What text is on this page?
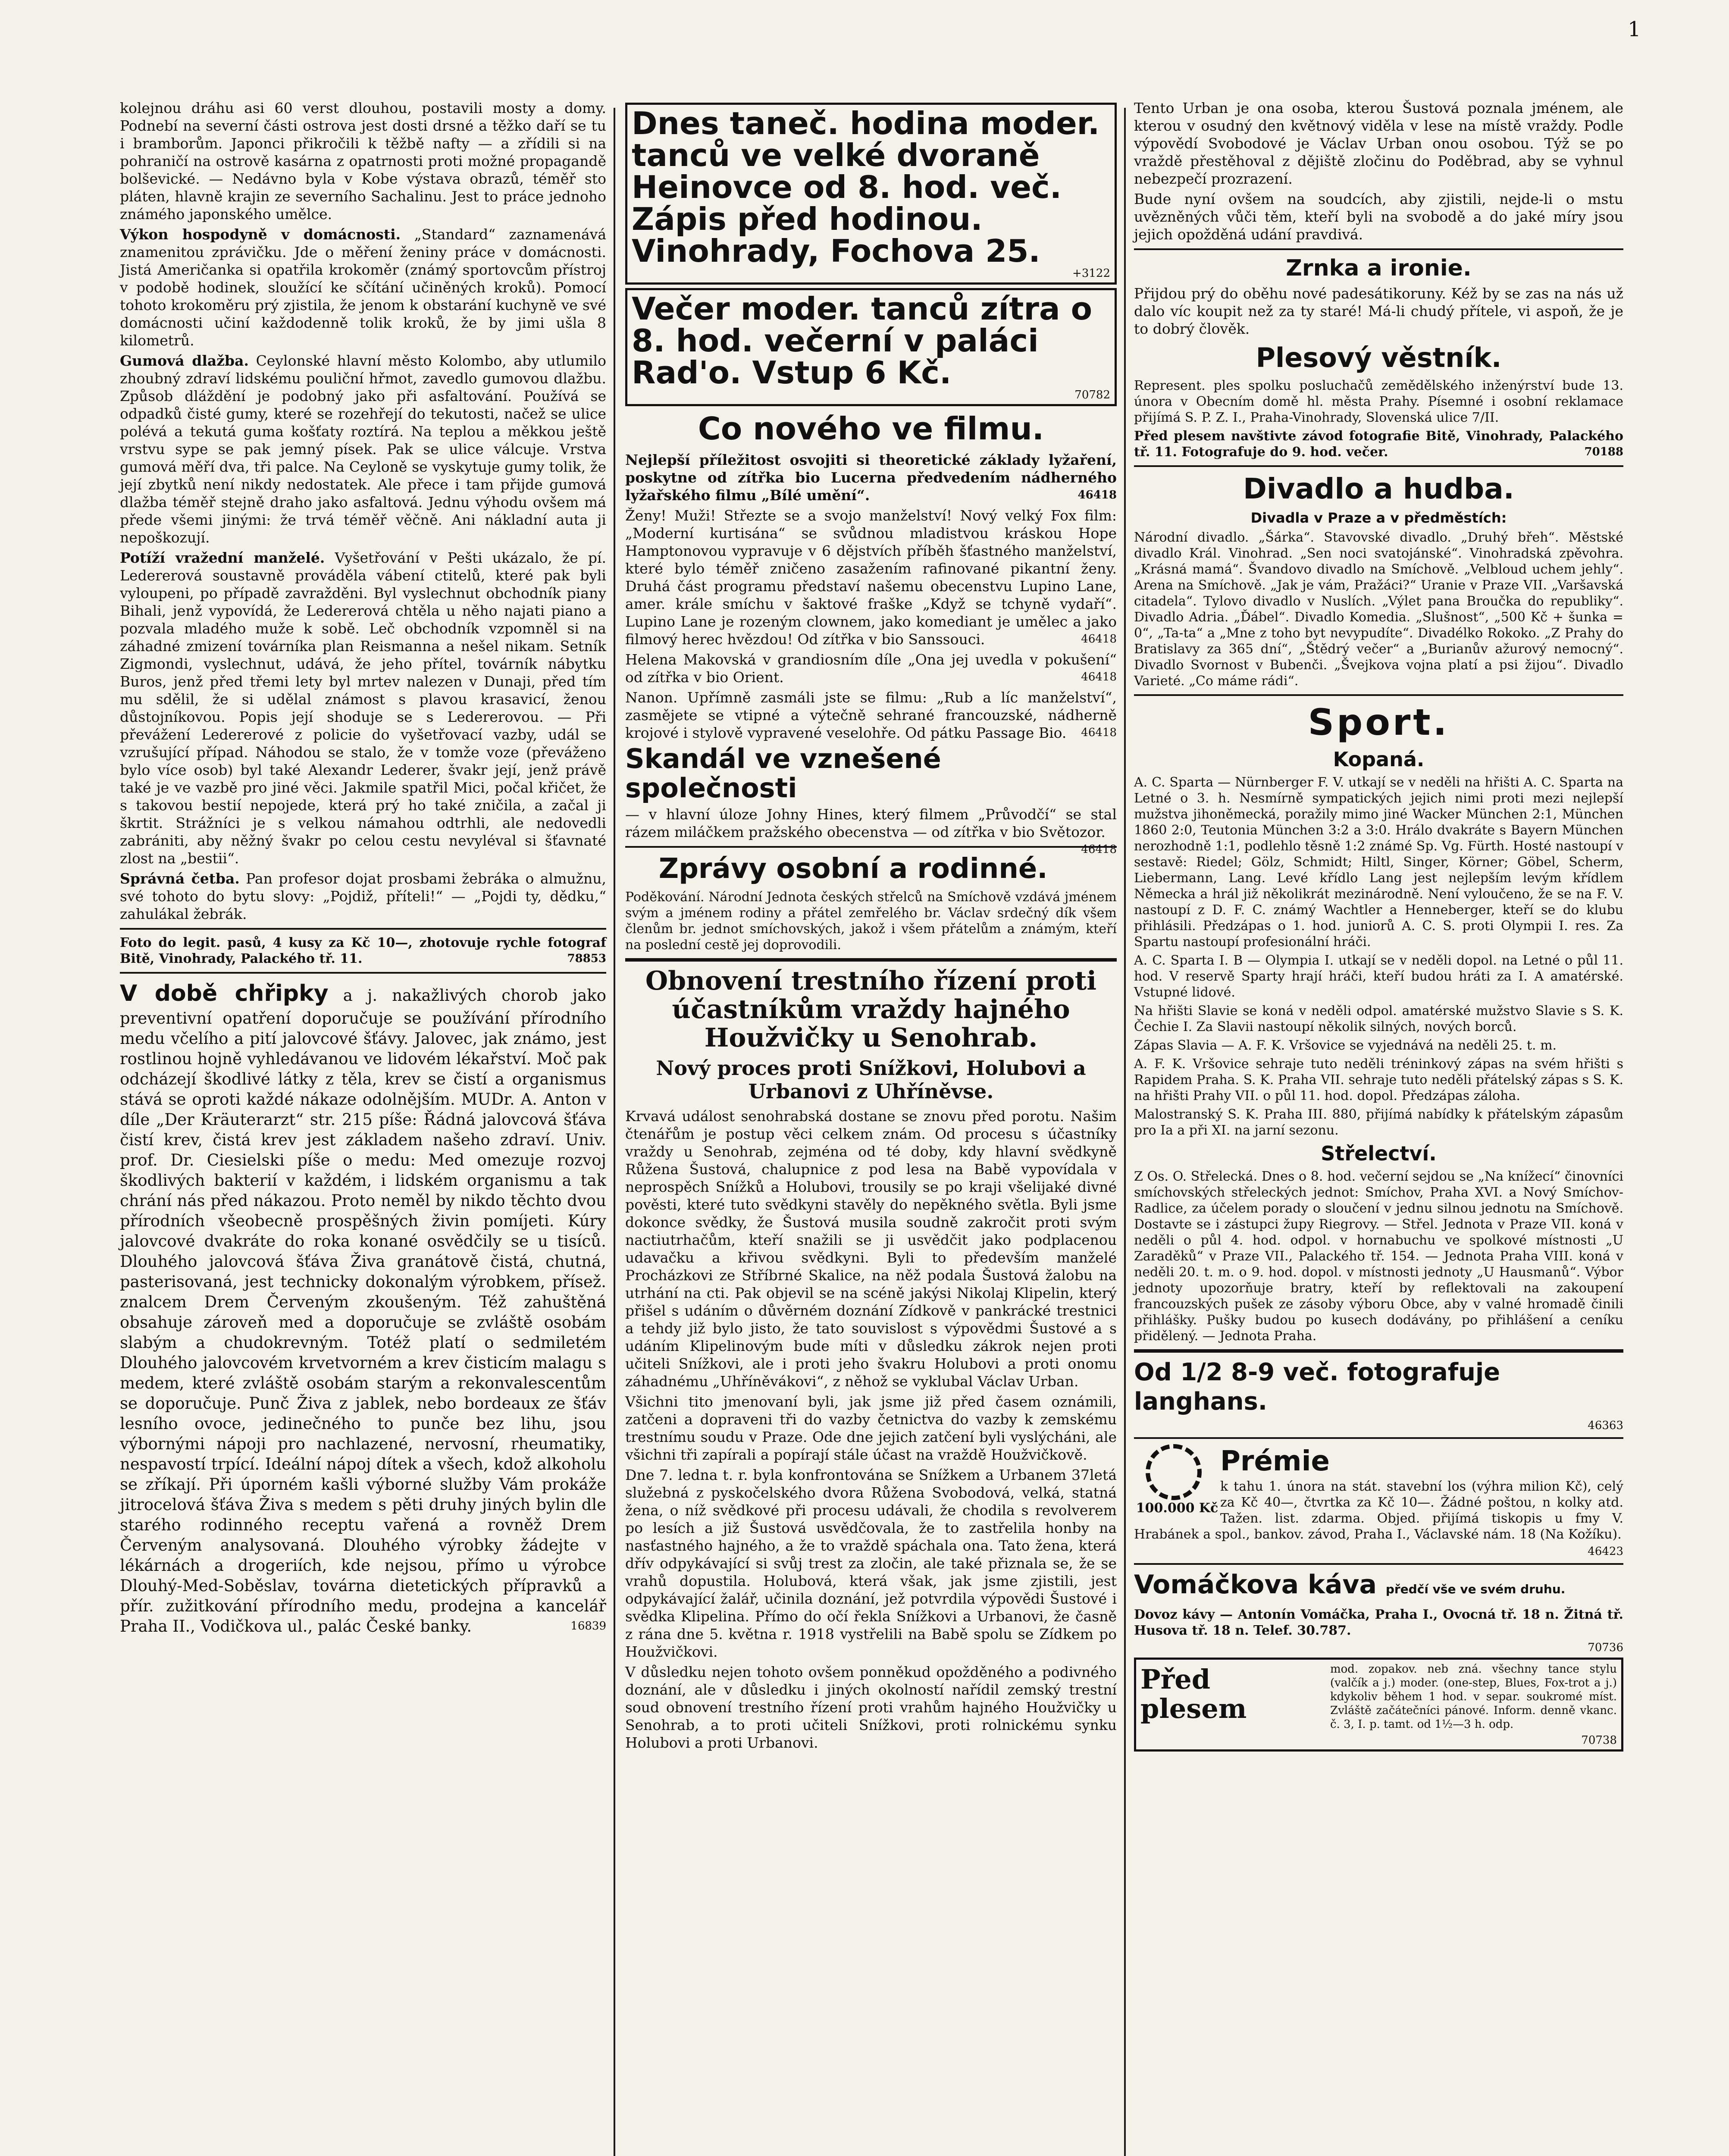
1

kolejnou dráhu asi 60 verst dlouhou, postavili mosty a domy. Podnebí na severní části ostrova jest dosti drsné a těžko daří se tu i bramborům. Japonci přikročili k těžbě nafty — a zřídili si na pohraničí na ostrově kasárna z opatrnosti proti možné propagandě bolševické. — Nedávno byla v Kobe výstava obrazů, téměř sto pláten, hlavně krajin ze severního Sachalinu. Jest to práce jednoho známého japonského umělce.

Výkon hospodyně v domácnosti. „Standard“ zaznamenává znamenitou zprávičku. Jde o měření ženiny práce v domácnosti. Jistá Američanka si opatřila krokoměr (známý sportovcům přístroj v podobě hodinek, sloužící ke sčítání učiněných kroků). Pomocí tohoto krokoměru prý zjistila, že jenom k obstarání kuchyně ve své domácnosti učiní každodenně tolik kroků, že by jimi ušla 8 kilometrů.

Gumová dlažba. Ceylonské hlavní město Kolombo, aby utlumilo zhoubný zdraví lidskému pouliční hřmot, zavedlo gumovou dlažbu. Způsob dláždění je podobný jako při asfaltování. Používá se odpadků čisté gumy, které se rozehřejí do tekutosti, načež se ulice polévá a tekutá guma košťaty roztírá. Na teplou a měkkou ještě vrstvu sype se pak jemný písek. Pak se ulice válcuje. Vrstva gumová měří dva, tři palce. Na Ceyloně se vyskytuje gumy tolik, že její zbytků není nikdy nedostatek. Ale přece i tam přijde gumová dlažba téměř stejně draho jako asfaltová. Jednu výhodu ovšem má přede všemi jinými: že trvá téměř věčně. Ani nákladní auta ji nepoškozují.

Potíží vražední manželé. Vyšetřování v Pešti ukázalo, že pí. Ledererová soustavně prováděla vábení ctitelů, které pak byli vyloupeni, po případě zavražděni. Byl vyslechnut obchodník piany Bihali, jenž vypovídá, že Ledererová chtěla u něho najati piano a pozvala mladého muže k sobě. Leč obchodník vzpomněl si na záhadné zmizení továrníka plan Reismanna a nešel nikam. Setník Zigmondi, vyslechnut, udává, že jeho přítel, továrník nábytku Buros, jenž před třemi lety byl mrtev nalezen v Dunaji, před tím mu sdělil, že si udělal známost s plavou krasavicí, ženou důstojníkovou. Popis její shoduje se s Ledererovou. — Při převážení Ledererové z policie do vyšetřovací vazby, udál se vzrušující případ. Náhodou se stalo, že v tomže voze (převáženo bylo více osob) byl také Alexandr Lederer, švakr její, jenž právě také je ve vazbě pro jiné věci. Jakmile spatřil Mici, počal křičet, že s takovou bestií nepojede, která prý ho také zničila, a začal ji škrtit. Strážníci je s velkou námahou odtrhli, ale nedovedli zabrániti, aby něžný švakr po celou cestu nevyléval si šťavnaté zlost na „bestii“.

Správná četba. Pan profesor dojat prosbami žebráka o almužnu, své tohoto do bytu slovy: „Pojdiž, příteli!“ — „Pojdi ty, dědku,“ zahulákal žebrák.

Foto do legit. pasů, 4 kusy za Kč 10—, zhotovuje rychle fotograf Bitě, Vinohrady, Palackého tř. 11.	78853

V době chřipky a j. nakažlivých chorob jako preventivní opatření doporučuje se používání přírodního medu včelího a pití jalovcové šťávy. Jalovec, jak známo, jest rostlinou hojně vyhledávanou ve lidovém lékařství. Moč pak odcházejí škodlivé látky z těla, krev se čistí a organismus stává se oproti každé nákaze odolnějším. MUDr. A. Anton v díle „Der Kräuterarzt“ str. 215 píše: Řádná jalovcová šťáva čistí krev, čistá krev jest základem našeho zdraví. Univ. prof. Dr. Ciesielski píše o medu: Med omezuje rozvoj škodlivých bakterií v každém, i lidském organismu a tak chrání nás před nákazou. Proto neměl by nikdo těchto dvou přírodních všeobecně prospěšných živin pomíjeti. Kúry jalovcové dvakráte do roka konané osvědčily se u tisíců. Dlouhého jalovcová šťáva Živa granátově čistá, chutná, pasterisovaná, jest technicky dokonalým výrobkem, přísež. znalcem Drem Červeným zkoušeným. Též zahuštěná obsahuje zároveň med a doporučuje se zvláště osobám slabým a chudokrevným. Totéž platí o sedmiletém Dlouhého jalovcovém krvetvorném a krev čisticím malagu s medem, které zvláště osobám starým a rekonvalescentům se doporučuje. Punč Živa z jablek, nebo bordeaux ze šťáv lesního ovoce, jedinečného to punče bez lihu, jsou výbornými nápoji pro nachlazené, nervosní, rheumatiky, nespavostí trpící. Ideální nápoj dítek a všech, kdož alkoholu se zříkají. Při úporném kašli výborné služby Vám prokáže jitrocelová šťáva Živa s medem s pěti druhy jiných bylin dle starého rodinného receptu vařená a rovněž Drem Červeným analysovaná. Dlouhého výrobky žádejte v lékárnách a drogeriích, kde nejsou, přímo u výrobce Dlouhý-Med-Soběslav, továrna dietetických přípravků a přír. zužitkování přírodního medu, prodejna a kancelář Praha II., Vodičkova ul., palác České banky.	16839

Dnes taneč. hodina moder. tanců ve velké dvoraně Heinovce od 8. hod. več. Zápis před hodinou. Vinohrady, Fochova 25.
+3122
Večer moder. tanců zítra o 8. hod. večerní v paláci Rad'o. Vstup 6 Kč.
70782
Co nového ve filmu.

Nejlepší příležitost osvojiti si theoretické základy lyžaření, poskytne od zítřka bio Lucerna předvedením nádherného lyžařského filmu „Bílé umění“.	46418

Ženy! Muži! Střezte se a svojo manželství! Nový velký Fox film: „Moderní kurtisána“ se svůdnou mladistvou kráskou Hope Hamptonovou vypravuje v 6 dějstvích příběh šťastného manželství, které bylo téměř zničeno zasažením rafinované pikantní ženy. Druhá část programu představí našemu obecenstvu Lupino Lane, amer. krále smíchu v šaktové fraške „Když se tchyně vydaří“. Lupino Lane je rozeným clownem, jako komediant je umělec a jako filmový herec hvězdou! Od zítřka v bio Sanssouci.	46418

Helena Makovská v grandiosním díle „Ona jej uvedla v pokušení“ od zítřka v bio Orient.	46418

Nanon. Upřímně zasmáli jste se filmu: „Rub a líc manželství“, zasmějete se vtipné a výtečně sehrané francouzské, nádherně krojové i stylově vypravené veselohře. Od pátku Passage Bio. 46418

Skandál ve vznešené společnosti

— v hlavní úloze Johny Hines, který filmem „Průvodčí“ se stal rázem miláčkem pražského obecenstva — od zítřka v bio Světozor.
46418

Zprávy osobní a rodinné.

Poděkování. Národní Jednota českých střelců na Smíchově vzdává jménem svým a jménem rodiny a přátel zemřelého br. Václav srdečný dík všem členům br. jednot smíchovských, jakož i všem přátelům a známým, kteří na poslední cestě jej doprovodili.

Obnovení trestního řízení proti účastníkům vraždy hajného Houžvičky u Senohrab.
Nový proces proti Snížkovi, Holubovi a Urbanovi z Uhříněvse.

Krvavá událost senohrabská dostane se znovu před porotu. Našim čtenářům je postup věci celkem znám. Od procesu s účastníky vraždy u Senohrab, zejména od té doby, kdy hlavní svědkyně Růžena Šustová, chalupnice z pod lesa na Babě vypovídala v neprospěch Snížků a Holubovi, trousily se po kraji všelijaké divné pověsti, které tuto svědkyni stavěly do nepěkného světla. Byli jsme dokonce svědky, že Šustová musila soudně zakročit proti svým nactiutrhačům, kteří snažili se ji usvědčit jako podplacenou udavačku a křivou svědkyni. Byli to především manželé Procházkovi ze Stříbrné Skalice, na něž podala Šustová žalobu na utrhání na cti. Pak objevil se na scéně jakýsi Nikolaj Klipelin, který přišel s udáním o důvěrném doznání Zídkově v pankrácké trestnici a tehdy již bylo jisto, že tato souvislost s výpovědmi Šustové a s udáním Klipelinovým bude míti v důsledku zákrok nejen proti učiteli Snížkovi, ale i proti jeho švakru Holubovi a proti onomu záhadnému „Uhříněvákovi“, z něhož se vyklubal Václav Urban.

Všichni tito jmenovaní byli, jak jsme již před časem oznámili, zatčeni a dopraveni tři do vazby četnictva do vazby k zemskému trestnímu soudu v Praze. Ode dne jejich zatčení byli vyslýcháni, ale všichni tři zapírali a popírají stále účast na vraždě Houžvičkově.

Dne 7. ledna t. r. byla konfrontována se Snížkem a Urbanem 37letá služebná z pyskočelského dvora Růžena Svobodová, velká, statná žena, o níž svědkové při procesu udávali, že chodila s revolverem po lesích a již Šustová usvědčovala, že to zastřelila honby na nasťastného hajného, a že to vraždě spáchala ona. Tato žena, která dřív odpykávající si svůj trest za zločin, ale také přiznala se, že se vrahů dopustila. Holubová, která však, jak jsme zjistili, jest odpykávající žalář, učinila doznání, jež potvrdila výpovědi Šustové i svědka Klipelina. Přímo do očí řekla Snížkovi a Urbanovi, že časně z rána dne 5. května r. 1918 vystřelili na Babě spolu se Zídkem po Houžvičkovi.

V důsledku nejen tohoto ovšem ponněkud opožděného a podivného doznání, ale v důsledku i jiných okolností nařídil zemský trestní soud obnovení trestního řízení proti vrahům hajného Houžvičky u Senohrab, a to proti učiteli Snížkovi, proti rolnickému synku Holubovi a proti Urbanovi.

Tento Urban je ona osoba, kterou Šustová poznala jménem, ale kterou v osudný den květnový viděla v lese na místě vraždy. Podle výpovědí Svobodové je Václav Urban onou osobou. Týž se po vraždě přestěhoval z dějiště zločinu do Poděbrad, aby se vyhnul nebezpečí prozrazení.

Bude nyní ovšem na soudcích, aby zjistili, nejde-li o mstu uvězněných vůči těm, kteří byli na svobodě a do jaké míry jsou jejich opožděná udání pravdivá.

Zrnka a ironie.

Přijdou prý do oběhu nové padesátikoruny. Kéž by se zas na nás už dalo víc koupit než za ty staré! Má-li chudý přítele, vi aspoň, že je to dobrý člověk.

Plesový věstník.

Represent. ples spolku posluchačů zemědělského inženýrství bude 13. února v Obecním domě hl. města Prahy. Písemné i osobní reklamace přijímá S. P. Z. I., Praha-Vinohrady, Slovenská ulice 7/II.

Před plesem navštivte závod fotografie Bitě, Vinohrady, Palackého tř. 11. Fotografuje do 9. hod. večer.	70188

Divadlo a hudba.
Divadla v Praze a v předměstích:

Národní divadlo. „Šárka“. Stavovské divadlo. „Druhý břeh“. Městské divadlo Král. Vinohrad. „Sen noci svatojánské“. Vinohradská zpěvohra. „Krásná mamá“. Švandovo divadlo na Smíchově. „Velbloud uchem jehly“. Arena na Smíchově. „Jak je vám, Pražáci?“ Uranie v Praze VII. „Varšavská citadela“. Tylovo divadlo v Nuslích. „Výlet pana Broučka do republiky“. Divadlo Adria. „Ďábel“. Divadlo Komedia. „Slušnost“, „500 Kč + šunka = 0“, „Ta-ta“ a „Mne z toho byt nevypudíte“. Divadélko Rokoko. „Z Prahy do Bratislavy za 365 dní“, „Štědrý večer“ a „Burianův ažurový nemocný“. Divadlo Svornost v Bubenči. „Švejkova vojna platí a psi žijou“. Divadlo Varieté. „Co máme rádi“.

Sport.
Kopaná.

A. C. Sparta — Nürnberger F. V. utkají se v neděli na hřišti A. C. Sparta na Letné o 3. h. Nesmírně sympatických jejich nimi proti mezi nejlepší mužstva jihoněmecká, poražily mimo jiné Wacker München 2:1, München 1860 2:0, Teutonia München 3:2 a 3:0. Hrálo dvakráte s Bayern München nerozhodně 1:1, podlehlo těsně 1:2 známé Sp. Vg. Fürth. Hosté nastoupí v sestavě: Riedel; Gölz, Schmidt; Hiltl, Singer, Körner; Göbel, Scherm, Liebermann, Lang. Levé křídlo Lang jest nejlepším levým křídlem Německa a hrál již několikrát mezinárodně. Není vyloučeno, že se na F. V. nastoupí z D. F. C. známý Wachtler a Henneberger, kteří se do klubu přihlásili. Předzápas o 1. hod. juniorů A. C. S. proti Olympii I. res. Za Spartu nastoupí profesionální hráči.

A. C. Sparta I. B — Olympia I. utkají se v neděli dopol. na Letné o půl 11. hod. V reservě Sparty hrají hráči, kteří budou hráti za I. A amatérské. Vstupné lidové.

Na hřišti Slavie se koná v neděli odpol. amatérské mužstvo Slavie s S. K. Čechie I. Za Slavii nastoupí několik silných, nových borců.

Zápas Slavia — A. F. K. Vršovice se vyjednává na neděli 25. t. m.

A. F. K. Vršovice sehraje tuto neděli tréninkový zápas na svém hřišti s Rapidem Praha. S. K. Praha VII. sehraje tuto neděli přátelský zápas s S. K. na hřišti Prahy VII. o půl 11. hod. dopol. Předzápas záloha.

Malostranský S. K. Praha III. 880, přijímá nabídky k přátelským zápasům pro Ia a při XI. na jarní sezonu.

Střelectví.

Z Os. O. Střelecká. Dnes o 8. hod. večerní sejdou se „Na knížecí“ činovníci smíchovských střeleckých jednot: Smíchov, Praha XVI. a Nový Smíchov-Radlice, za účelem porady o sloučení v jednu silnou jednotu na Smíchově. Dostavte se i zástupci župy Riegrovy. — Střel. Jednota v Praze VII. koná v neděli o půl 4. hod. odpol. v hornabuchu ve spolkové místnosti „U Zaraděků“ v Praze VII., Palackého tř. 154. — Jednota Praha VIII. koná v neděli 20. t. m. o 9. hod. dopol. v místnosti jednoty „U Hausmanů“. Výbor jednoty upozorňuje bratry, kteří by reflektovali na zakoupení francouzských pušek ze zásoby výboru Obce, aby v valné hromadě činili přihlášky. Pušky budou po kusech dodávány, po přihlášení a ceníku přidělený. — Jednota Praha.

Od 1/2 8-9 več. fotografuje langhans.
46363
100.000 Kč
Prémie

k tahu 1. února na stát. stavební los (výhra milion Kč), celý za Kč 40—, čtvrtka za Kč 10—. Žádné poštou, n kolky atd. Tažen. list. zdarma. Objed. přijímá tiskopis u fmy V. Hrabánek a spol., bankov. závod, Praha I., Václavské nám. 18 (Na Kožíku).

46423
Vomáčkova káva předčí vše ve svém druhu.

Dovoz kávy — Antonín Vomáčka, Praha I., Ovocná tř. 18 n. Žitná tř. Husova tř. 18 n. Telef. 30.787.

70736
Před plesem

mod. zopakov. neb zná. všechny tance stylu (valčík a j.) moder. (one-step, Blues, Fox-trot a j.) kdykoliv během 1 hod. v separ. soukromé míst. Zvláště začátečníci pánové. Inform. denně vkanc. č. 3, I. p. tamt. od 1½—3 h. odp.

70738
